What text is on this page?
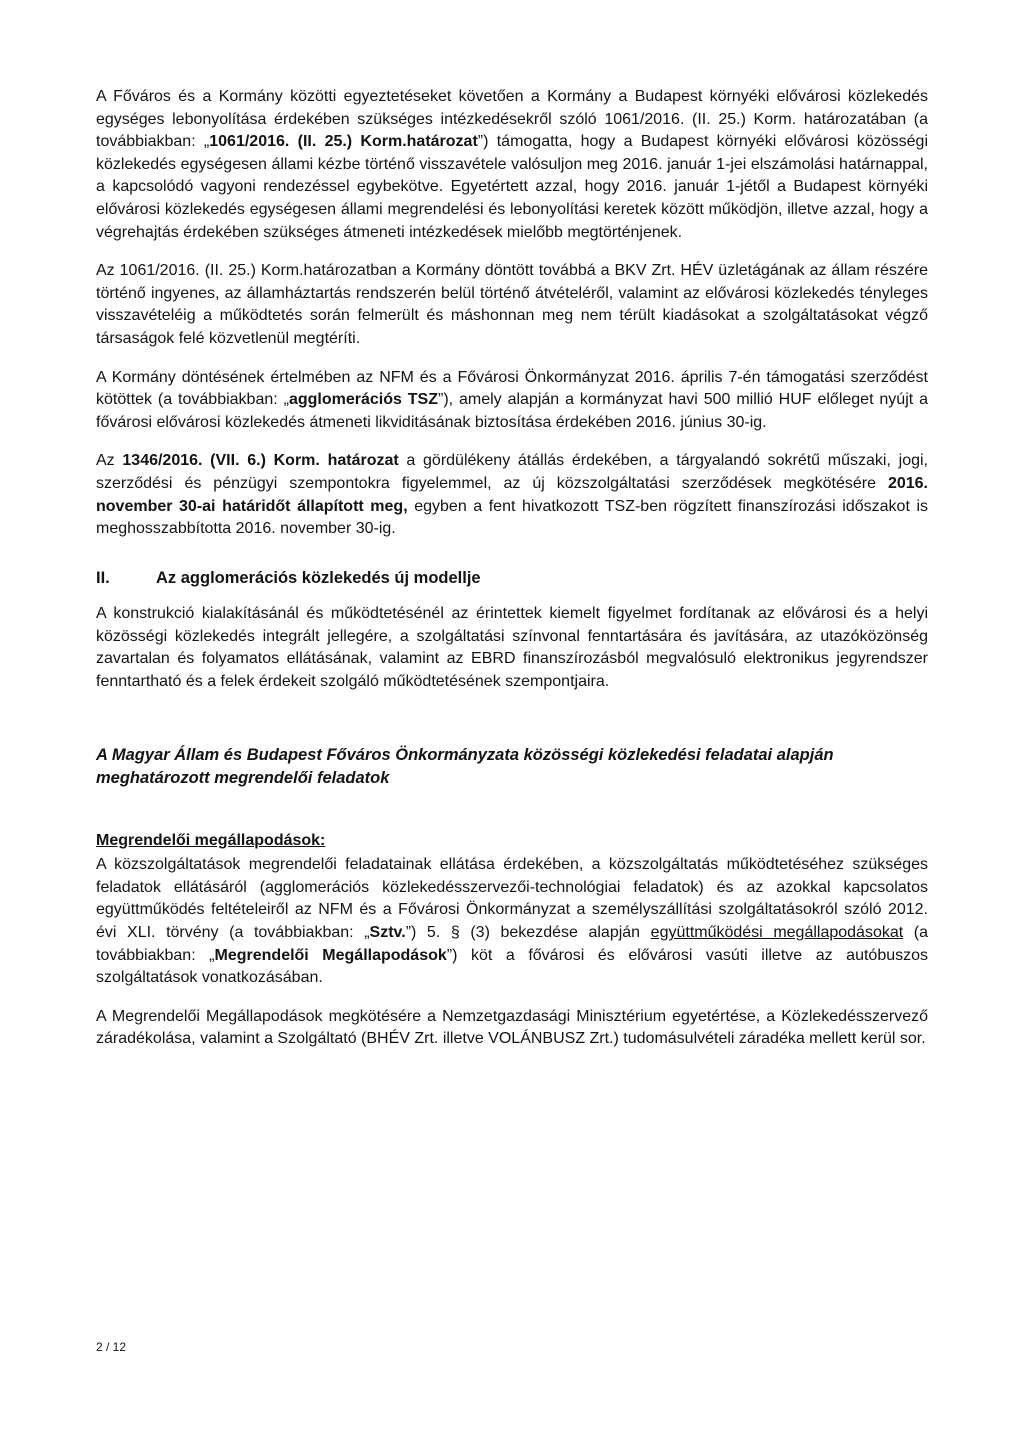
A Főváros és a Kormány közötti egyeztetéseket követően a Kormány a Budapest környéki elővárosi közlekedés egységes lebonyolítása érdekében szükséges intézkedésekről szóló 1061/2016. (II. 25.) Korm. határozatában (a továbbiakban: „1061/2016. (II. 25.) Korm.határozat”) támogatta, hogy a Budapest környéki elővárosi közösségi közlekedés egységesen állami kézbe történő visszavétele valósuljon meg 2016. január 1-jei elszámolási határnappal, a kapcsolódó vagyoni rendezéssel egybekötve. Egyetértett azzal, hogy 2016. január 1-jétől a Budapest környéki elővárosi közlekedés egységesen állami megrendelési és lebonyolítási keretek között működjön, illetve azzal, hogy a végrehajtás érdekében szükséges átmeneti intézkedések mielőbb megtörténjenek.

Az 1061/2016. (II. 25.) Korm.határozatban a Kormány döntött továbbá a BKV Zrt. HÉV üzletágának az állam részére történő ingyenes, az államháztartás rendszerén belül történő átvételéről, valamint az elővárosi közlekedés tényleges visszavételéig a működtetés során felmerült és máshonnan meg nem térült kiadásokat a szolgáltatásokat végző társaságok felé közvetlenül megtéríti.

A Kormány döntésének értelmében az NFM és a Fővárosi Önkormányzat 2016. április 7-én támogatási szerződést kötöttek (a továbbiakban: „agglomerációs TSZ”), amely alapján a kormányzat havi 500 millió HUF előleget nyújt a fővárosi elővárosi közlekedés átmeneti likviditásának biztosítása érdekében 2016. június 30-ig.

Az 1346/2016. (VII. 6.) Korm. határozat a gördülékeny átállás érdekében, a tárgyalandó sokrétű műszaki, jogi, szerződési és pénzügyi szempontokra figyelemmel, az új közszolgáltatási szerződések megkötésére 2016. november 30-ai határidőt állapított meg, egyben a fent hivatkozott TSZ-ben rögzített finanszírozási időszakot is meghosszabbította 2016. november 30-ig.

II.	Az agglomerációs közlekedés új modellje

A konstrukció kialakításánál és működtetésénél az érintettek kiemelt figyelmet fordítanak az elővárosi és a helyi közösségi közlekedés integrált jellegére, a szolgáltatási színvonal fenntartására és javítására, az utazóközönség zavartalan és folyamatos ellátásának, valamint az EBRD finanszírozásból megvalósuló elektronikus jegyrendszer fenntartható és a felek érdekeit szolgáló működtetésének szempontjaira.

A Magyar Állam és Budapest Főváros Önkormányzata közösségi közlekedési feladatai alapján meghatározott megrendelői feladatok
Megrendelői megállapodások:

A közszolgáltatások megrendelői feladatainak ellátása érdekében, a közszolgáltatás működtetéséhez szükséges feladatok ellátásáról (agglomerációs közlekedésszervezői-technológiai feladatok) és az azokkal kapcsolatos együttműködés feltételeiről az NFM és a Fővárosi Önkormányzat a személyszállítási szolgáltatásokról szóló 2012. évi XLI. törvény (a továbbiakban: „Sztv.”) 5. § (3) bekezdése alapján együttműködési megállapodásokat (a továbbiakban: „Megrendelői Megállapodások”) köt a fővárosi és elővárosi vasúti illetve az autóbuszos szolgáltatások vonatkozásában.

A Megrendelői Megállapodások megkötésére a Nemzetgazdasági Minisztérium egyetértése, a Közlekedésszervező záradékolása, valamint a Szolgáltató (BHÉV Zrt. illetve VOLÁNBUSZ Zrt.) tudomásulvételi záradéka mellett kerül sor.

2 / 12
